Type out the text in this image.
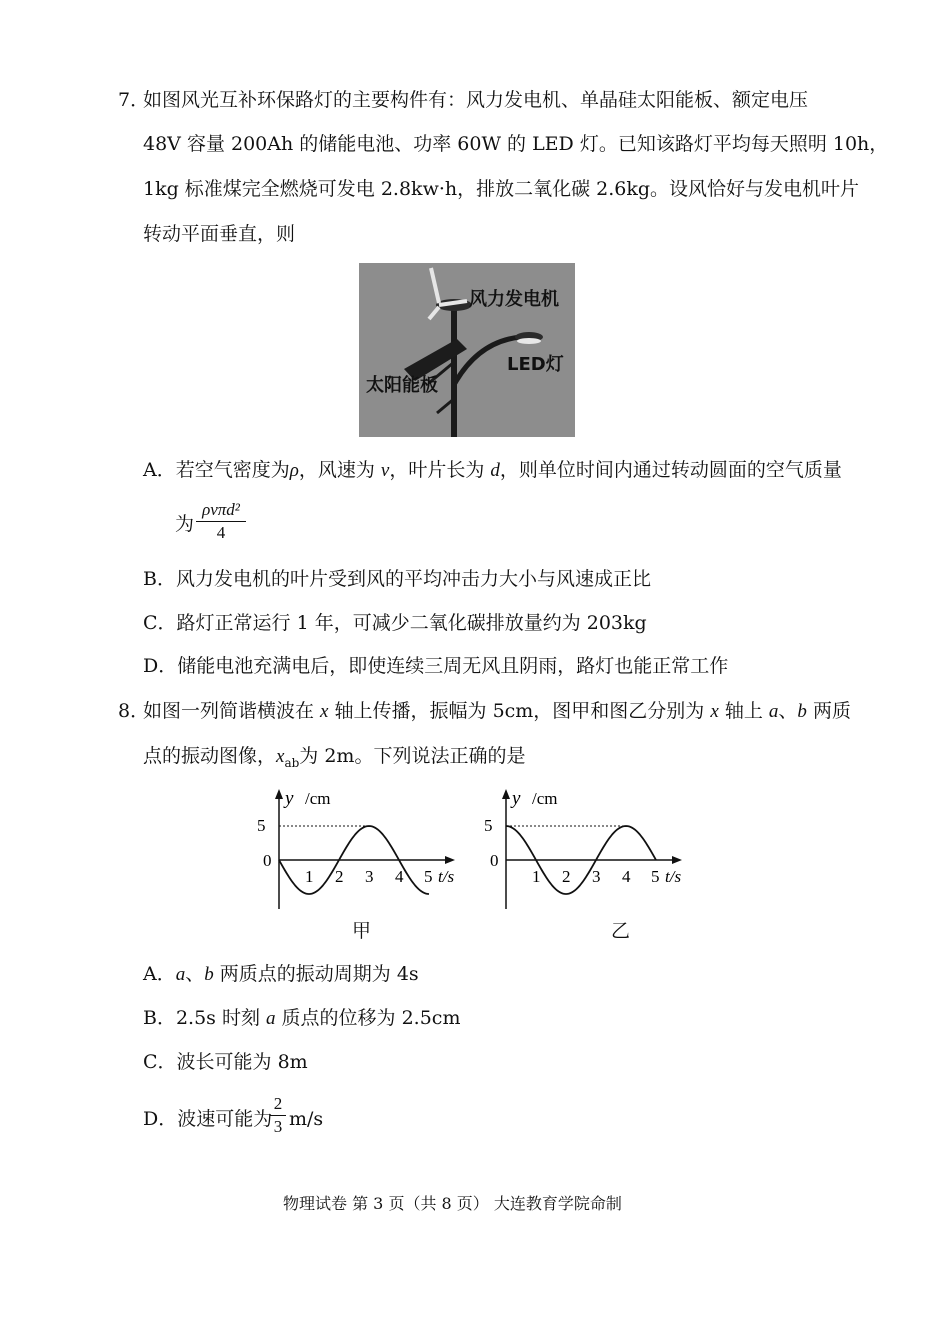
7．
如图风光互补环保路灯的主要构件有：风力发电机、单晶硅太阳能板、额定电压
48V 容量 200Ah 的储能电池、功率 60W 的 LED 灯。已知该路灯平均每天照明 10h，
1kg 标准煤完全燃烧可发电 2.8kw·h，排放二氧化碳 2.6kg。设风恰好与发电机叶片
转动平面垂直，则
风力发电机
LED灯
太阳能板
A．若空气密度为ρ，风速为 v，叶片长为 d，则单位时间内通过转动圆面的空气质量
为
ρvπd²
4
B．风力发电机的叶片受到风的平均冲击力大小与风速成正比
C．路灯正常运行 1 年，可减少二氧化碳排放量约为 203kg
D．储能电池充满电后，即使连续三周无风且阴雨，路灯也能正常工作
8．
如图一列简谐横波在 x 轴上传播，振幅为 5cm，图甲和图乙分别为 x 轴上 a、b 两质
点的振动图像，$x_{ab}$为 2m。下列说法正确的是
y /cm
5
0
1 2 3 4 5 t/s
甲
y /cm
5
0
1 2 3 4 5 t/s
乙
A．a、b 两质点的振动周期为 4s
B．2.5s 时刻 a 质点的位移为 2.5cm
C．波长可能为 8m
D．波速可能为
2
3 m/s
物理试卷 第 3 页（共 8 页） 大连教育学院命制
